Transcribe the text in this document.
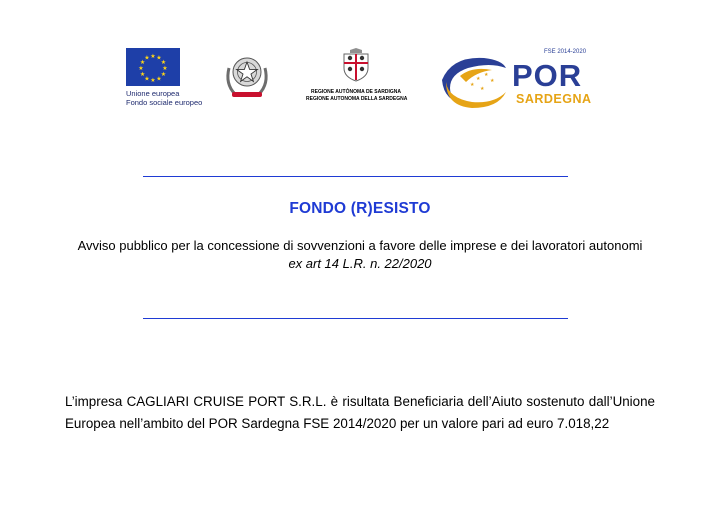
★ ★
★
★
★
★
★
★
★
★
★
★
Unione europea
Fondo sociale europeo
REGIONE AUTÒNOMA DE SARDIGNA
REGIONE AUTONOMA DELLA SARDEGNA
★
★
★
★
★
FSE 2014-2020
POR
SARDEGNA
FONDO (R)ESISTO
Avviso pubblico per la concessione di sovvenzioni a favore delle imprese e dei lavoratori autonomi
ex art 14 L.R. n. 22/2020
L’impresa CAGLIARI CRUISE PORT S.R.L. è risultata Beneficiaria dell’Aiuto sostenuto dall’Unione Europea nell’ambito del POR Sardegna FSE 2014/2020 per un valore pari ad euro 7.018,22
